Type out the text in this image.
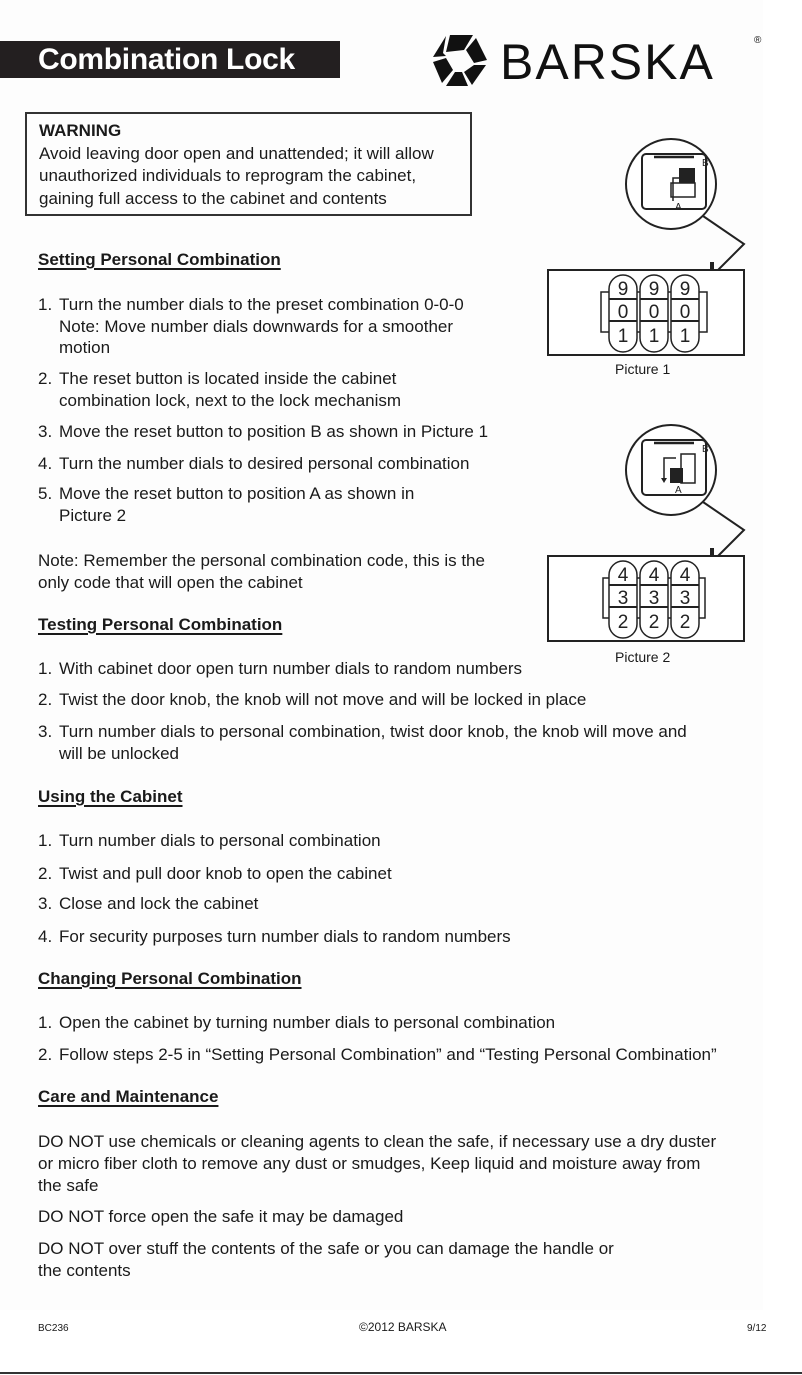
Combination Lock	BARSKA	®
WARNING
Avoid leaving door open and unattended; it will allow
unauthorized individuals to reprogram the cabinet,
gaining full access to the cabinet and contents
Setting Personal Combination
1. Turn the number dials to the preset combination 0-0-0
Note: Move number dials downwards for a smoother
motion
2. The reset button is located inside the cabinet
combination lock, next to the lock mechanism
3. Move the reset button to position B as shown in Picture 1
4. Turn the number dials to desired personal combination
5. Move the reset button to position A as shown in
Picture 2
Note: Remember the personal combination code, this is the
only code that will open the cabinet
Testing Personal Combination
1. With cabinet door open turn number dials to random numbers
2. Twist the door knob, the knob will not move and will be locked in place
3. Turn number dials to personal combination, twist door knob, the knob will move and
will be unlocked
Using the Cabinet
1. Turn number dials to personal combination
2. Twist and pull door knob to open the cabinet
3. Close and lock the cabinet
4. For security purposes turn number dials to random numbers
Changing Personal Combination
1. Open the cabinet by turning number dials to personal combination
2. Follow steps 2-5 in “Setting Personal Combination” and “Testing Personal Combination”
Care and Maintenance
DO NOT use chemicals or cleaning agents to clean the safe, if necessary use a dry duster
or micro fiber cloth to remove any dust or smudges, Keep liquid and moisture away from
the safe
DO NOT force open the safe it may be damaged
DO NOT over stuff the contents of the safe or you can damage the handle or
the contents
B
A
9
0
1
9
0
1
9
0
1
Picture 1
B
A
4
3
2
4
3
2
4
3
2
Picture 2
BC236	©2012 BARSKA	9/12
